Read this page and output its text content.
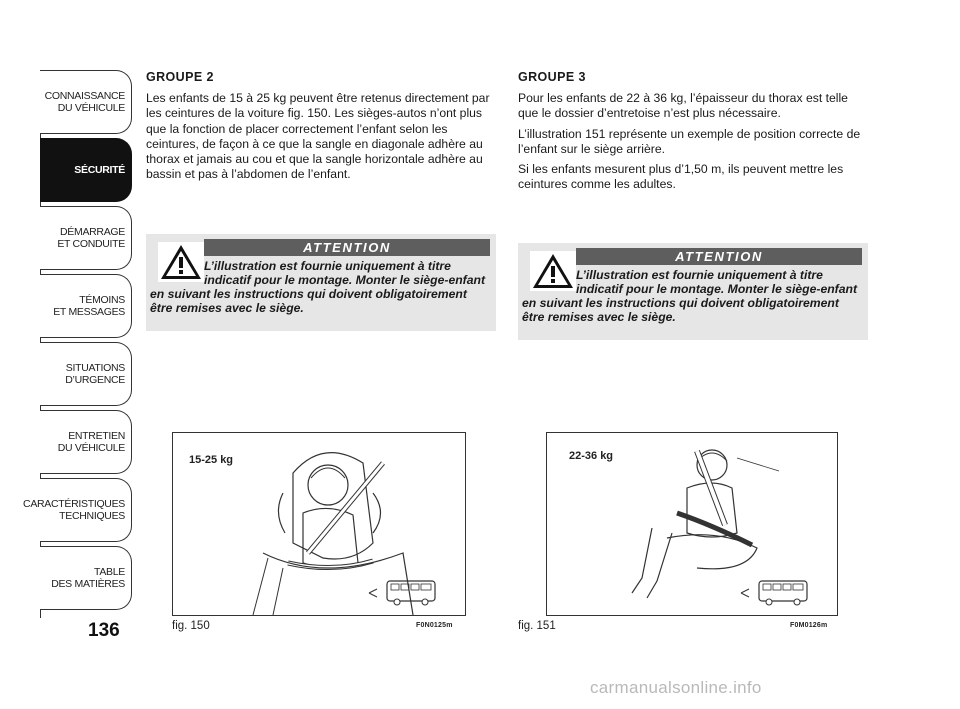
CONNAISSANCE
DU VÉHICULE
SÉCURITÉ
DÉMARRAGE
ET CONDUITE
TÉMOINS
ET MESSAGES
SITUATIONS
D’URGENCE
ENTRETIEN
DU VÉHICULE
CARACTÉRISTIQUES
TECHNIQUES
TABLE
DES MATIÈRES
136
GROUPE 2

Les enfants de 15 à 25 kg peuvent être retenus directement par les ceintures de la voiture fig. 150. Les sièges-autos n’ont plus que la fonction de placer correctement l’enfant selon les ceintures, de façon à ce que la sangle en diagonale adhère au thorax et jamais au cou et que la sangle horizontale adhère au bassin et pas à l’abdomen de l’enfant.

GROUPE 3

Pour les enfants de 22 à 36 kg, l’épaisseur du thorax est telle que le dossier d’entretoise n’est plus nécessaire.

L’illustration 151 représente un exemple de position correcte de l’enfant sur le siège arrière.

Si les enfants mesurent plus d’1,50 m, ils peuvent mettre les ceintures comme les adultes.

ATTENTION
L’illustration est fournie uniquement à titre indicatif pour le montage. Monter le siège-enfant en suivant les instructions qui doivent obligatoirement être remises avec le siège.
ATTENTION
L’illustration est fournie uniquement à titre indicatif pour le montage. Monter le siège-enfant en suivant les instructions qui doivent obligatoirement être remises avec le siège.
15-25 kg
fig. 150	F0N0125m
22-36 kg
fig. 151	F0M0126m
carmanualsonline.info
